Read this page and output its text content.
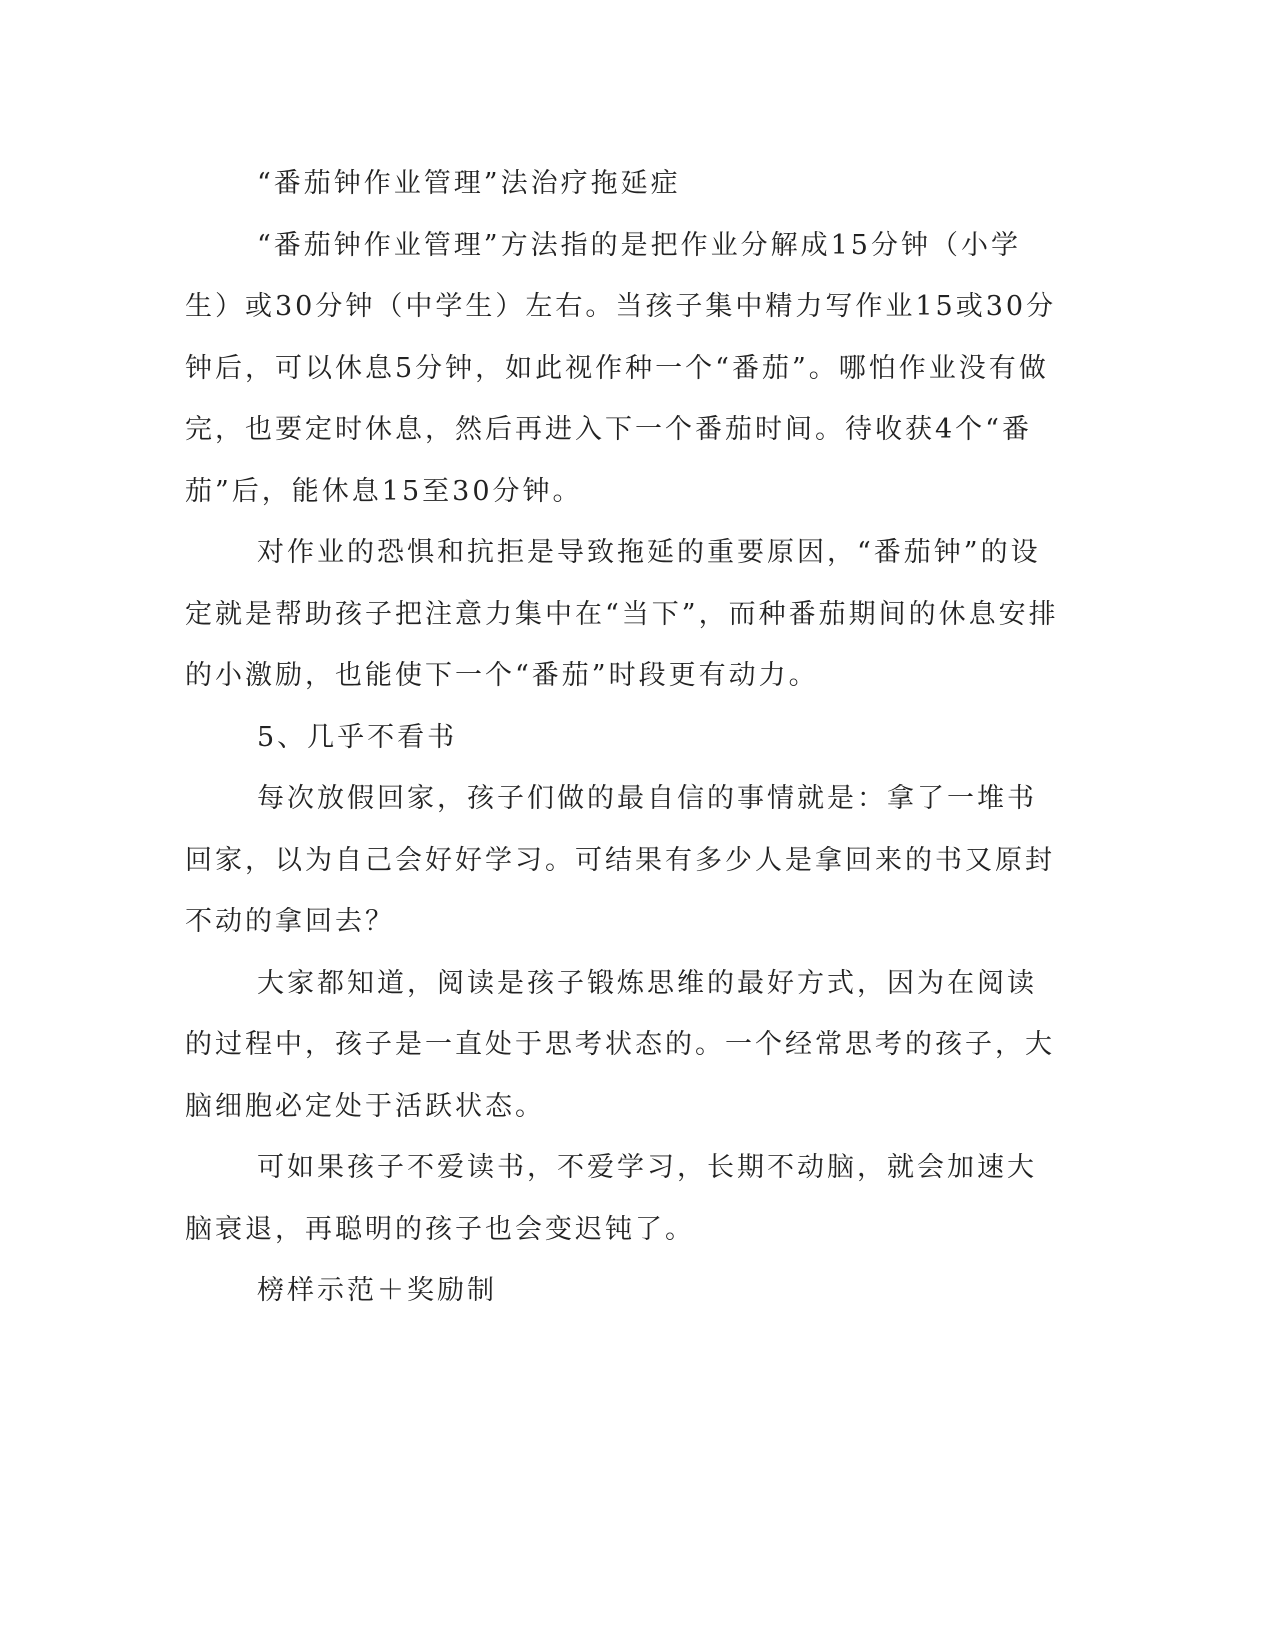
“番茄钟作业管理”法治疗拖延症

“番茄钟作业管理”方法指的是把作业分解成15分钟（小学生）或30分钟（中学生）左右。当孩子集中精力写作业15或30分钟后，可以休息5分钟，如此视作种一个“番茄”。哪怕作业没有做完，也要定时休息，然后再进入下一个番茄时间。待收获4个“番茄”后，能休息15至30分钟。

对作业的恐惧和抗拒是导致拖延的重要原因，“番茄钟”的设定就是帮助孩子把注意力集中在“当下”，而种番茄期间的休息安排的小激励，也能使下一个“番茄”时段更有动力。

5、几乎不看书

每次放假回家，孩子们做的最自信的事情就是：拿了一堆书回家，以为自己会好好学习。可结果有多少人是拿回来的书又原封不动的拿回去？

大家都知道，阅读是孩子锻炼思维的最好方式，因为在阅读的过程中，孩子是一直处于思考状态的。一个经常思考的孩子，大脑细胞必定处于活跃状态。

可如果孩子不爱读书，不爱学习，长期不动脑，就会加速大脑衰退，再聪明的孩子也会变迟钝了。

榜样示范＋奖励制
